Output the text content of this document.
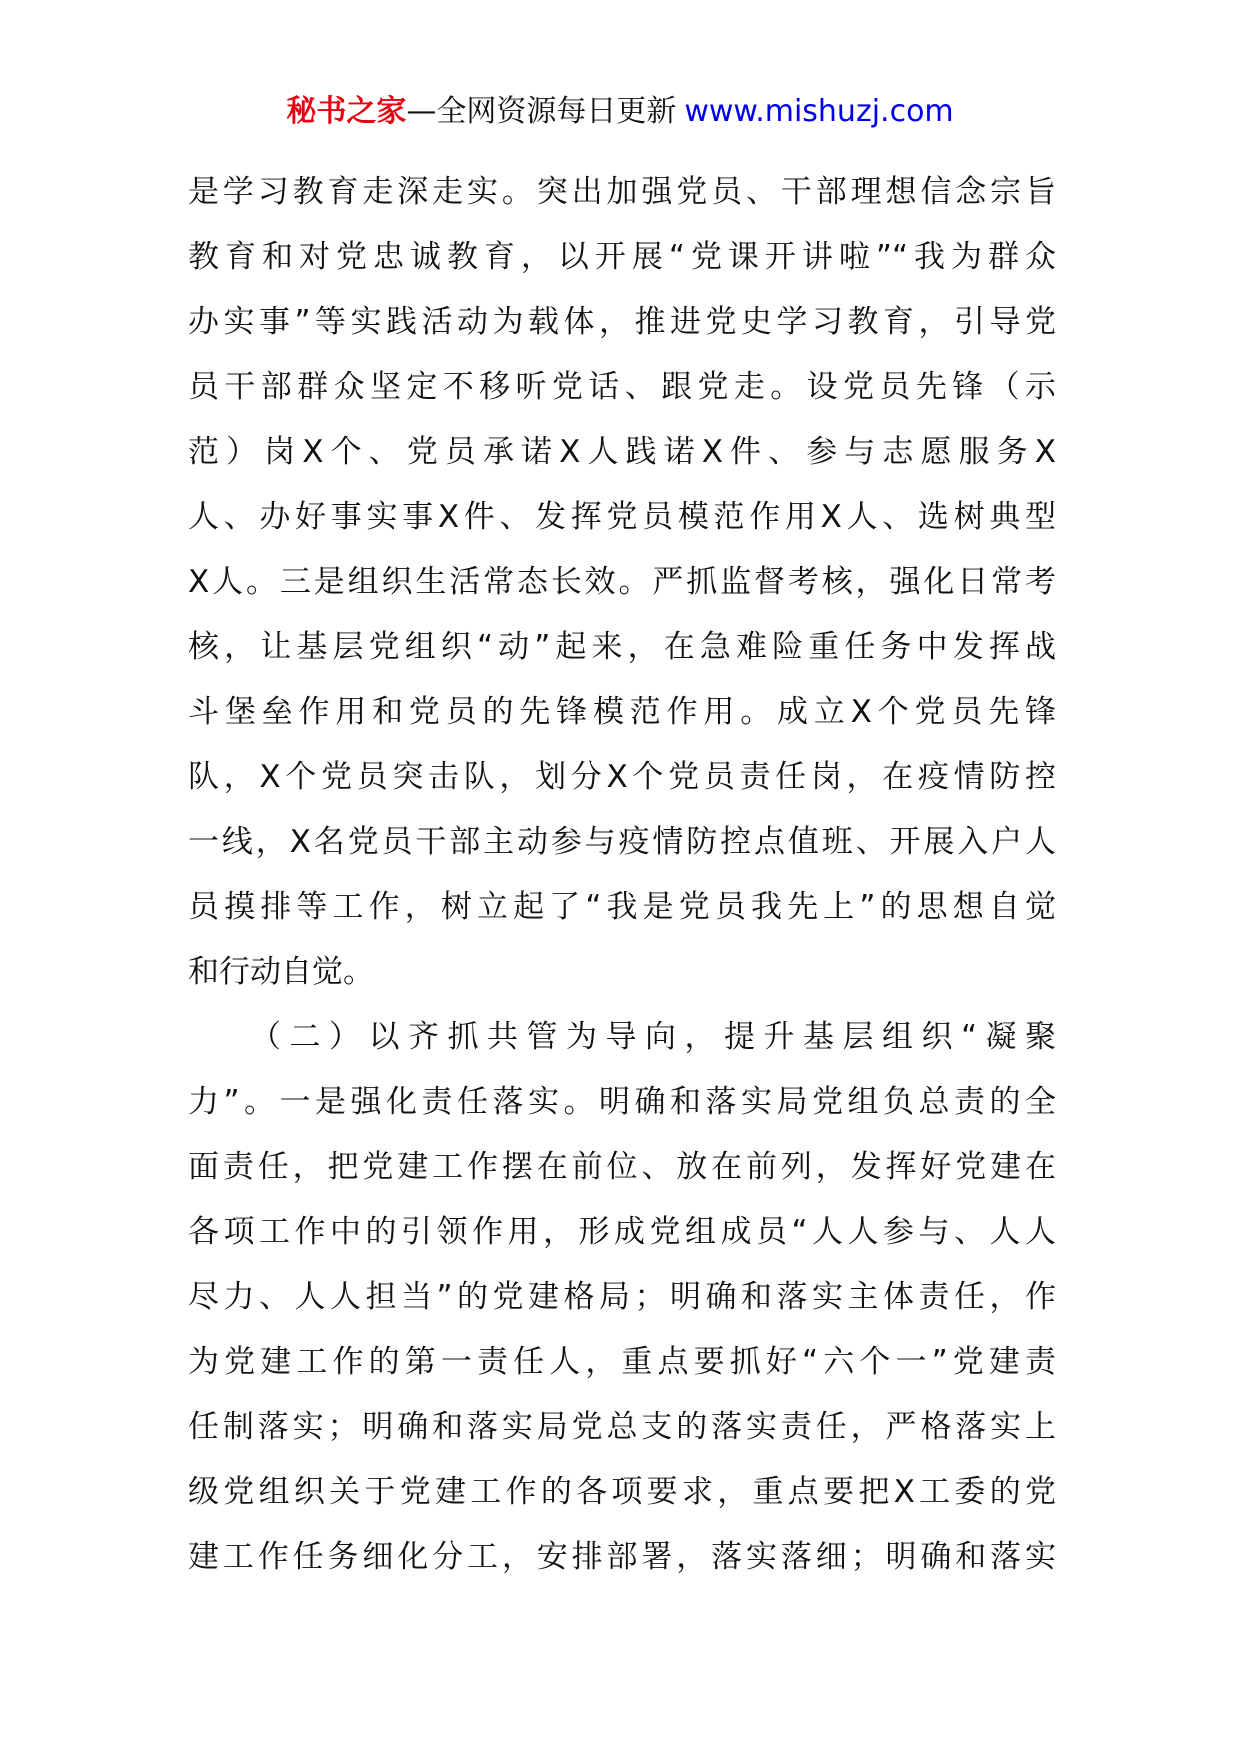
秘书之家—全网资源每日更新 www.mishuzj.com
是学习教育走深走实。突出加强党员、干部理想信念宗旨
教育和对党忠诚教育，以开展“党课开讲啦”“我为群众
办实事”等实践活动为载体，推进党史学习教育，引导党
员干部群众坚定不移听党话、跟党走。设党员先锋（示
范）岗X个、党员承诺X人践诺X件、参与志愿服务X
人、办好事实事X件、发挥党员模范作用X人、选树典型
X人。三是组织生活常态长效。严抓监督考核，强化日常考
核，让基层党组织“动”起来，在急难险重任务中发挥战
斗堡垒作用和党员的先锋模范作用。成立X个党员先锋
队，X个党员突击队，划分X个党员责任岗，在疫情防控
一线，X名党员干部主动参与疫情防控点值班、开展入户人
员摸排等工作，树立起了“我是党员我先上”的思想自觉
和行动自觉。
（二）以齐抓共管为导向，提升基层组织“凝聚
力”。一是强化责任落实。明确和落实局党组负总责的全
面责任，把党建工作摆在前位、放在前列，发挥好党建在
各项工作中的引领作用，形成党组成员“人人参与、人人
尽力、人人担当”的党建格局；明确和落实主体责任，作
为党建工作的第一责任人，重点要抓好“六个一”党建责
任制落实；明确和落实局党总支的落实责任，严格落实上
级党组织关于党建工作的各项要求，重点要把X工委的党
建工作任务细化分工，安排部署，落实落细；明确和落实
